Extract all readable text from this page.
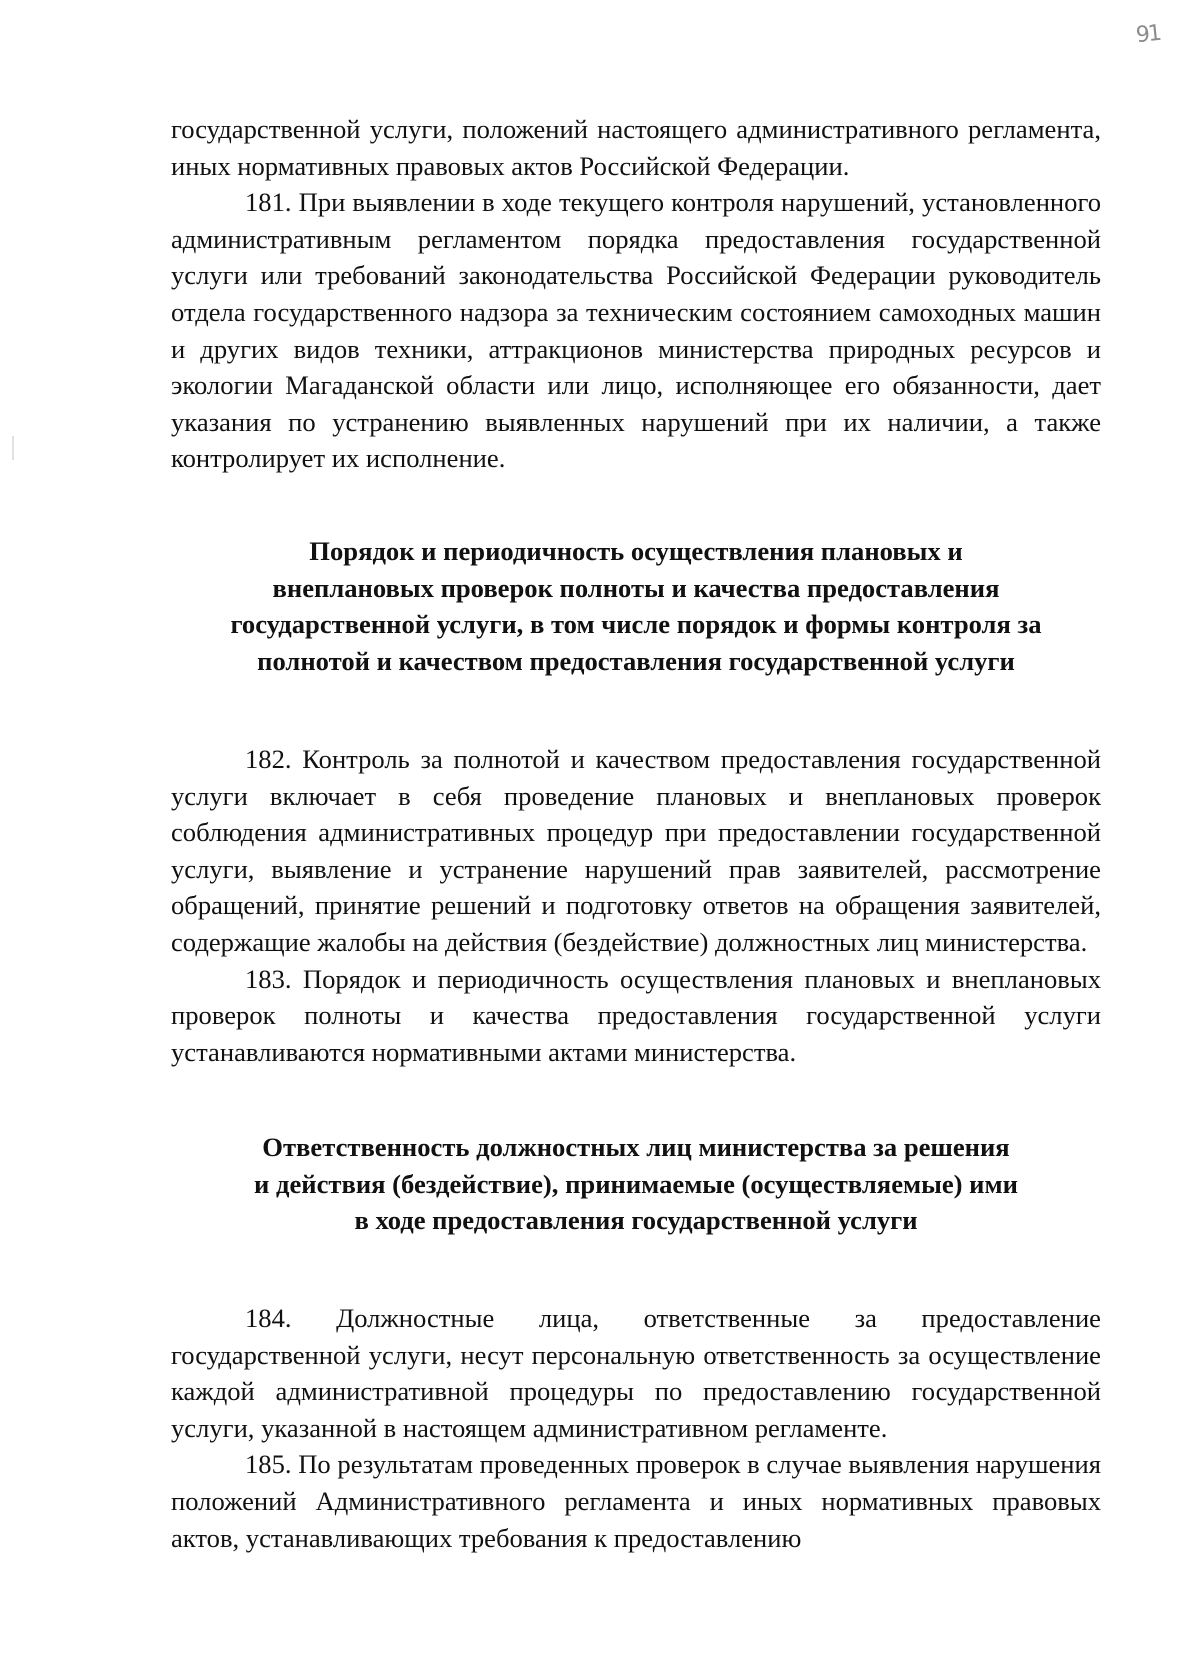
91

государственной услуги, положений настоящего административного регламента, иных нормативных правовых актов Российской Федерации.

181. При выявлении в ходе текущего контроля нарушений, установленного административным регламентом порядка предоставления государственной услуги или требований законодательства Российской Федерации руководитель отдела государственного надзора за техническим состоянием самоходных машин и других видов техники, аттракционов министерства природных ресурсов и экологии Магаданской области или лицо, исполняющее его обязанности, дает указания по устранению выявленных нарушений при их наличии, а также контролирует их исполнение.

Порядок и периодичность осуществления плановых и
внеплановых проверок полноты и качества предоставления
государственной услуги, в том числе порядок и формы контроля за
полнотой и качеством предоставления государственной услуги

182. Контроль за полнотой и качеством предоставления государственной услуги включает в себя проведение плановых и внеплановых проверок соблюдения административных процедур при предоставлении государственной услуги, выявление и устранение нарушений прав заявителей, рассмотрение обращений, принятие решений и подготовку ответов на обращения заявителей, содержащие жалобы на действия (бездействие) должностных лиц министерства.

183. Порядок и периодичность осуществления плановых и внеплановых проверок полноты и качества предоставления государственной услуги устанавливаются нормативными актами министерства.

Ответственность должностных лиц министерства за решения
и действия (бездействие), принимаемые (осуществляемые) ими
в ходе предоставления государственной услуги

184. Должностные лица, ответственные за предоставление государственной услуги, несут персональную ответственность за осуществление каждой административной процедуры по предоставлению государственной услуги, указанной в настоящем административном регламенте.

185. По результатам проведенных проверок в случае выявления нарушения положений Административного регламента и иных нормативных правовых актов, устанавливающих требования к предоставлению
